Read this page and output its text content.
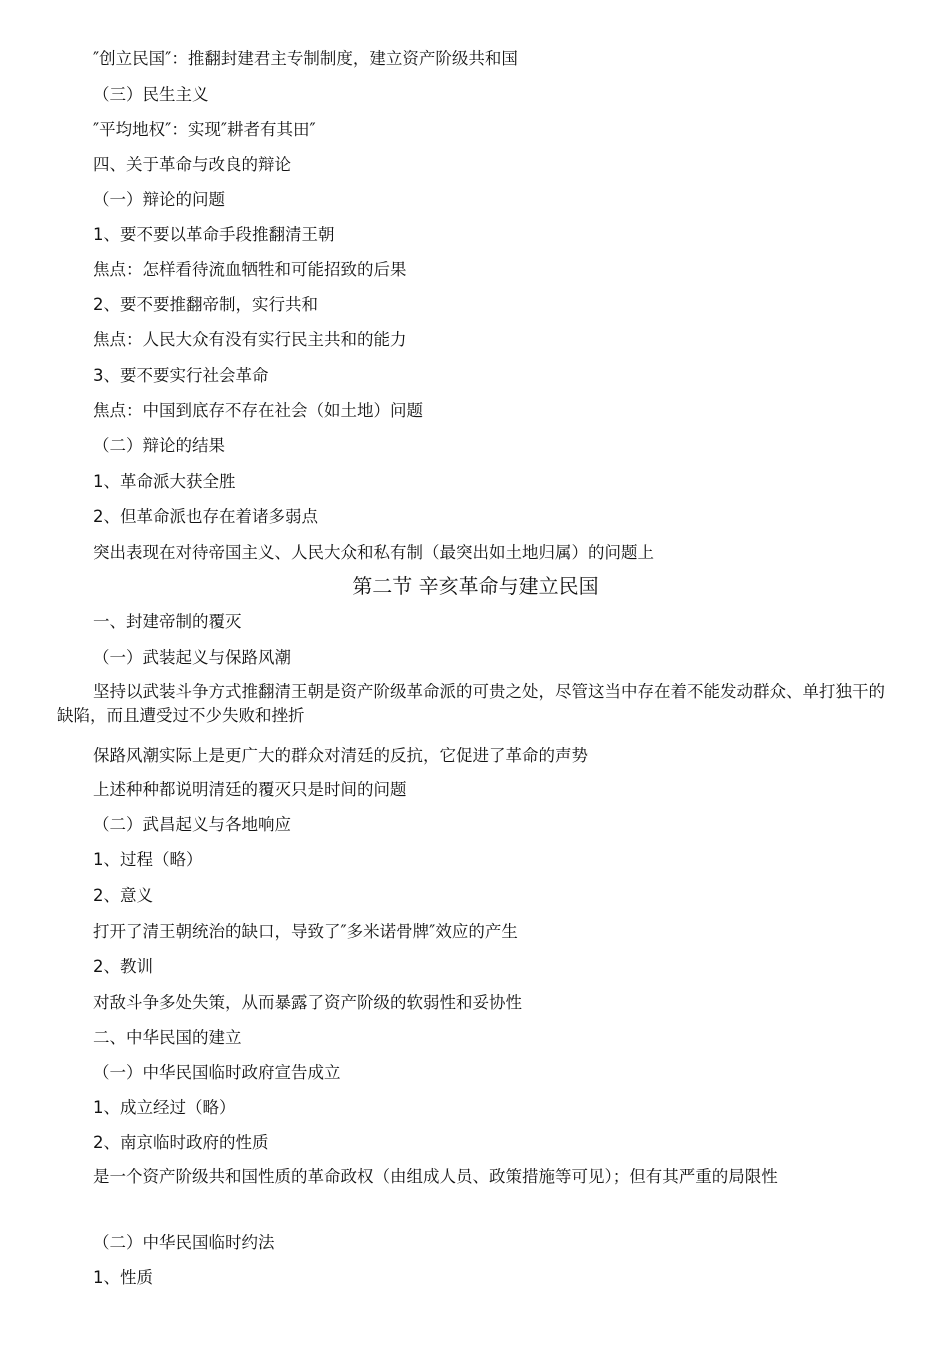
″创立民国″：推翻封建君主专制制度，建立资产阶级共和国
（三）民生主义
″平均地权″：实现″耕者有其田″
四、关于革命与改良的辩论
（一）辩论的问题
1、要不要以革命手段推翻清王朝
焦点：怎样看待流血牺牲和可能招致的后果
2、要不要推翻帝制，实行共和
焦点：人民大众有没有实行民主共和的能力
3、要不要实行社会革命
焦点：中国到底存不存在社会（如土地）问题
（二）辩论的结果
1、革命派大获全胜
2、但革命派也存在着诸多弱点
突出表现在对待帝国主义、人民大众和私有制（最突出如土地归属）的问题上
第二节 辛亥革命与建立民国
一、封建帝制的覆灭
（一）武装起义与保路风潮
坚持以武装斗争方式推翻清王朝是资产阶级革命派的可贵之处，尽管这当中存在着不能发动群众、单打独干的缺陷，而且遭受过不少失败和挫折
保路风潮实际上是更广大的群众对清廷的反抗，它促进了革命的声势
上述种种都说明清廷的覆灭只是时间的问题
（二）武昌起义与各地响应
1、过程（略）
2、意义
打开了清王朝统治的缺口，导致了″多米诺骨牌″效应的产生
2、教训
对敌斗争多处失策，从而暴露了资产阶级的软弱性和妥协性
二、中华民国的建立
（一）中华民国临时政府宣告成立
1、成立经过（略）
2、南京临时政府的性质
是一个资产阶级共和国性质的革命政权（由组成人员、政策措施等可见）；但有其严重的局限性
（二）中华民国临时约法
1、性质
